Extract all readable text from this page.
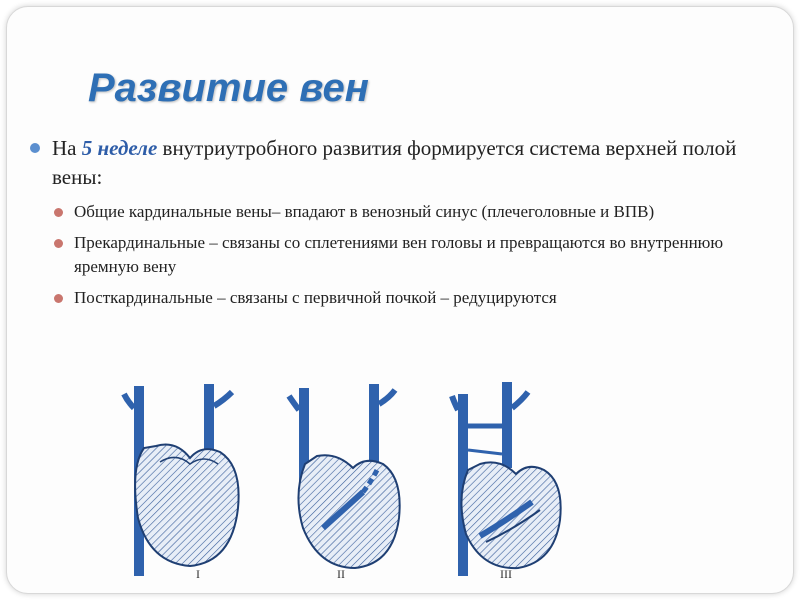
Развитие вен
На 5 неделе внутриутробного развития формируется система верхней полой вены:
Общие кардинальные вены– впадают в венозный синус (плечеголовные и ВПВ)
Прекардинальные – связаны со сплетениями вен головы и превращаются во внутреннюю яремную вену
Посткардинальные – связаны с первичной почкой – редуцируются
I	II	III
